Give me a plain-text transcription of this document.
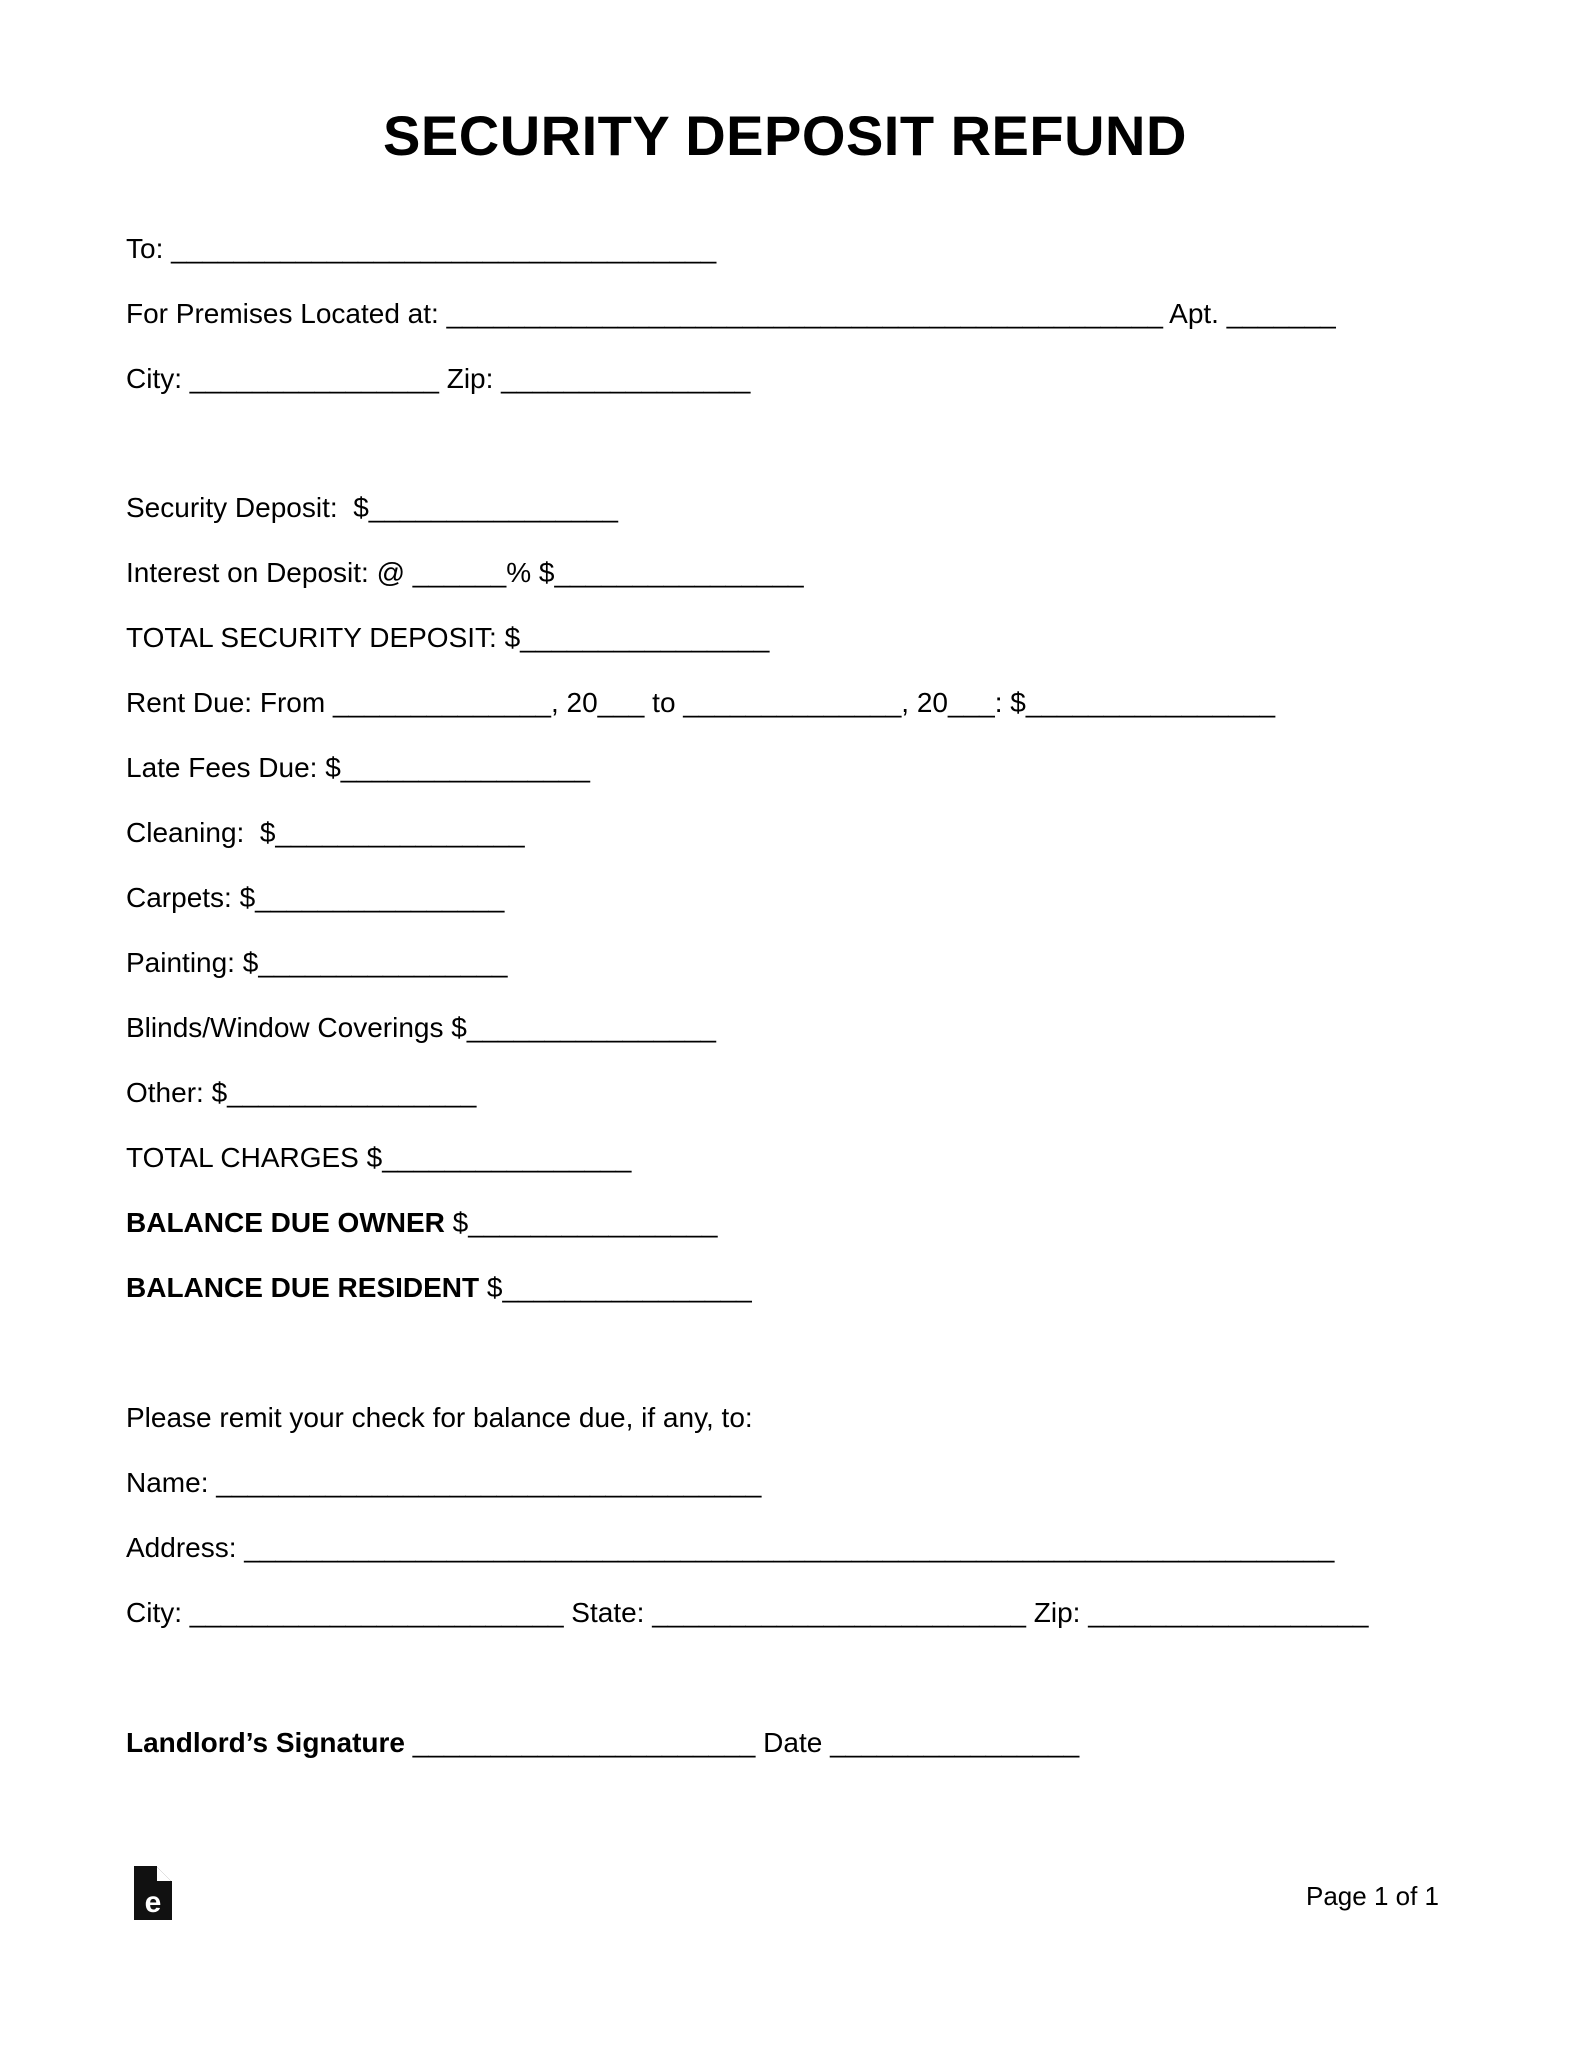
SECURITY DEPOSIT REFUND
To: ___________________________________
For Premises Located at: ______________________________________________ Apt. _______
City: ________________ Zip: ________________
Security Deposit:  $________________
Interest on Deposit: @ ______% $________________
TOTAL SECURITY DEPOSIT: $________________
Rent Due: From ______________, 20___ to ______________, 20___: $________________
Late Fees Due: $________________
Cleaning:  $________________
Carpets: $________________
Painting: $________________
Blinds/Window Coverings $________________
Other: $________________
TOTAL CHARGES $________________
BALANCE DUE OWNER $________________
BALANCE DUE RESIDENT $________________
Please remit your check for balance due, if any, to:
Name: ___________________________________
Address: ______________________________________________________________________
City: ________________________ State: ________________________ Zip: __________________
Landlord’s Signature ______________________ Date ________________
e	Page 1 of 1
